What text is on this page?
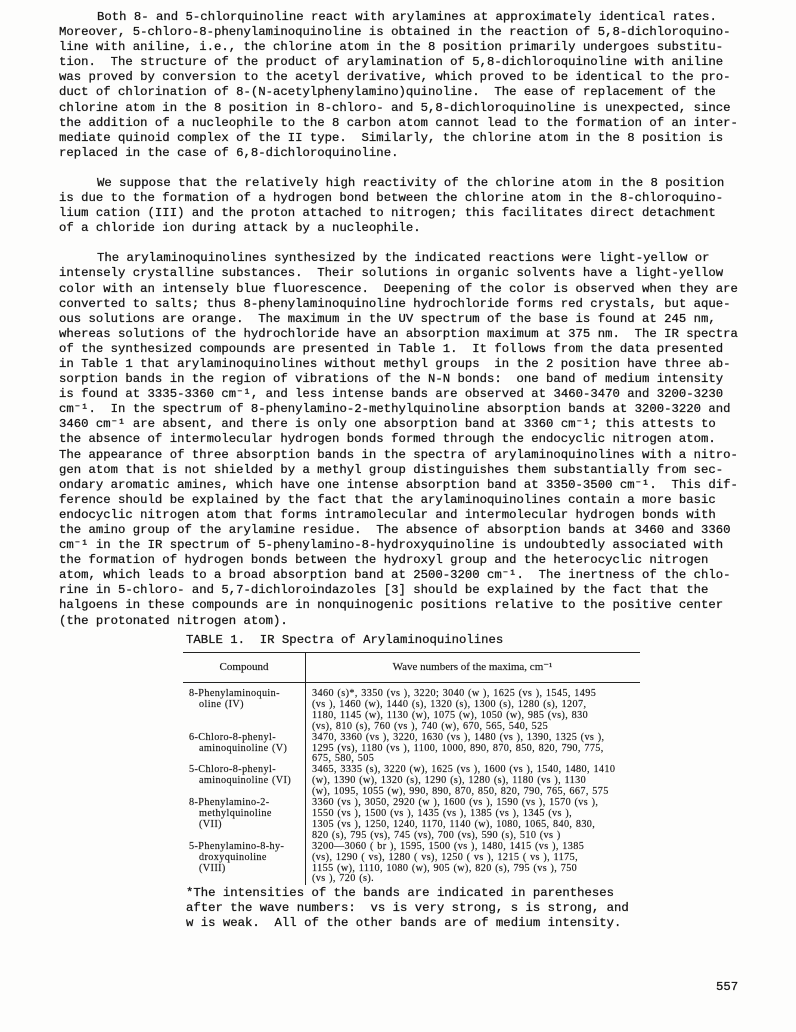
Both 8- and 5-chlorquinoline react with arylamines at approximately identical rates.
Moreover, 5-chloro-8-phenylaminoquinoline is obtained in the reaction of 5,8-dichloroquino-
line with aniline, i.e., the chlorine atom in the 8 position primarily undergoes substitu-
tion.  The structure of the product of arylamination of 5,8-dichloroquinoline with aniline
was proved by conversion to the acetyl derivative, which proved to be identical to the pro-
duct of chlorination of 8-(N-acetylphenylamino)quinoline.  The ease of replacement of the
chlorine atom in the 8 position in 8-chloro- and 5,8-dichloroquinoline is unexpected, since
the addition of a nucleophile to the 8 carbon atom cannot lead to the formation of an inter-
mediate quinoid complex of the II type.  Similarly, the chlorine atom in the 8 position is
replaced in the case of 6,8-dichloroquinoline.

We suppose that the relatively high reactivity of the chlorine atom in the 8 position
is due to the formation of a hydrogen bond between the chlorine atom in the 8-chloroquino-
lium cation (III) and the proton attached to nitrogen; this facilitates direct detachment
of a chloride ion during attack by a nucleophile.

The arylaminoquinolines synthesized by the indicated reactions were light-yellow or
intensely crystalline substances.  Their solutions in organic solvents have a light-yellow
color with an intensely blue fluorescence.  Deepening of the color is observed when they are
converted to salts; thus 8-phenylaminoquinoline hydrochloride forms red crystals, but aque-
ous solutions are orange.  The maximum in the UV spectrum of the base is found at 245 nm,
whereas solutions of the hydrochloride have an absorption maximum at 375 nm.  The IR spectra
of the synthesized compounds are presented in Table 1.  It follows from the data presented
in Table 1 that arylaminoquinolines without methyl groups  in the 2 position have three ab-
sorption bands in the region of vibrations of the N-N bonds:  one band of medium intensity
is found at 3335-3360 cm⁻¹, and less intense bands are observed at 3460-3470 and 3200-3230
cm⁻¹.  In the spectrum of 8-phenylamino-2-methylquinoline absorption bands at 3200-3220 and
3460 cm⁻¹ are absent, and there is only one absorption band at 3360 cm⁻¹; this attests to
the absence of intermolecular hydrogen bonds formed through the endocyclic nitrogen atom.
The appearance of three absorption bands in the spectra of arylaminoquinolines with a nitro-
gen atom that is not shielded by a methyl group distinguishes them substantially from sec-
ondary aromatic amines, which have one intense absorption band at 3350-3500 cm⁻¹.  This dif-
ference should be explained by the fact that the arylaminoquinolines contain a more basic
endocyclic nitrogen atom that forms intramolecular and intermolecular hydrogen bonds with
the amino group of the arylamine residue.  The absence of absorption bands at 3460 and 3360
cm⁻¹ in the IR spectrum of 5-phenylamino-8-hydroxyquinoline is undoubtedly associated with
the formation of hydrogen bonds between the hydroxyl group and the heterocyclic nitrogen
atom, which leads to a broad absorption band at 2500-3200 cm⁻¹.  The inertness of the chlo-
rine in 5-chloro- and 5,7-dichloroindazoles [3] should be explained by the fact that the
halgoens in these compounds are in nonquinogenic positions relative to the positive center
(the protonated nitrogen atom).

TABLE 1.  IR Spectra of Arylaminoquinolines
Compound	Wave numbers of the maxima, cm⁻¹
8-Phenylaminoquin-
oline (IV)
3460 (s)*, 3350 (vs ), 3220; 3040 (w ), 1625 (vs ), 1545, 1495
(vs ), 1460 (w), 1440 (s), 1320 (s), 1300 (s), 1280 (s), 1207,
1180, 1145 (w), 1130 (w), 1075 (w), 1050 (w), 985 (vs), 830
(vs), 810 (s), 760 (vs ), 740 (w), 670, 565, 540, 525
6-Chloro-8-phenyl-
aminoquinoline (V)
3470, 3360 (vs ), 3220, 1630 (vs ), 1480 (vs ), 1390, 1325 (vs ),
1295 (vs), 1180 (vs ), 1100, 1000, 890, 870, 850, 820, 790, 775,
675, 580, 505
5-Chloro-8-phenyl-
aminoquinoline (VI)
3465, 3335 (s), 3220 (w), 1625 (vs ), 1600 (vs ), 1540, 1480, 1410
(w), 1390 (w), 1320 (s), 1290 (s), 1280 (s), 1180 (vs ), 1130
(w), 1095, 1055 (w), 990, 890, 870, 850, 820, 790, 765, 667, 575
8-Phenylamino-2-
methylquinoline
(VII)
3360 (vs ), 3050, 2920 (w ), 1600 (vs ), 1590 (vs ), 1570 (vs ),
1550 (vs ), 1500 (vs ), 1435 (vs ), 1385 (vs ), 1345 (vs ),
1305 (vs ), 1250, 1240, 1170, 1140 (w), 1080, 1065, 840, 830,
820 (s), 795 (vs), 745 (vs), 700 (vs), 590 (s), 510 (vs )
5-Phenylamino-8-hy-
droxyquinoline
(VIII)
3200—3060 ( br ), 1595, 1500 (vs ), 1480, 1415 (vs ), 1385
(vs), 1290 ( vs), 1280 ( vs), 1250 ( vs ), 1215 ( vs ), 1175,
1155 (w), 1110, 1080 (w), 905 (w), 820 (s), 795 (vs ), 750
(vs ), 720 (s).
*The intensities of the bands are indicated in parentheses
after the wave numbers:  vs is very strong, s is strong, and
w is weak.  All of the other bands are of medium intensity.
557
